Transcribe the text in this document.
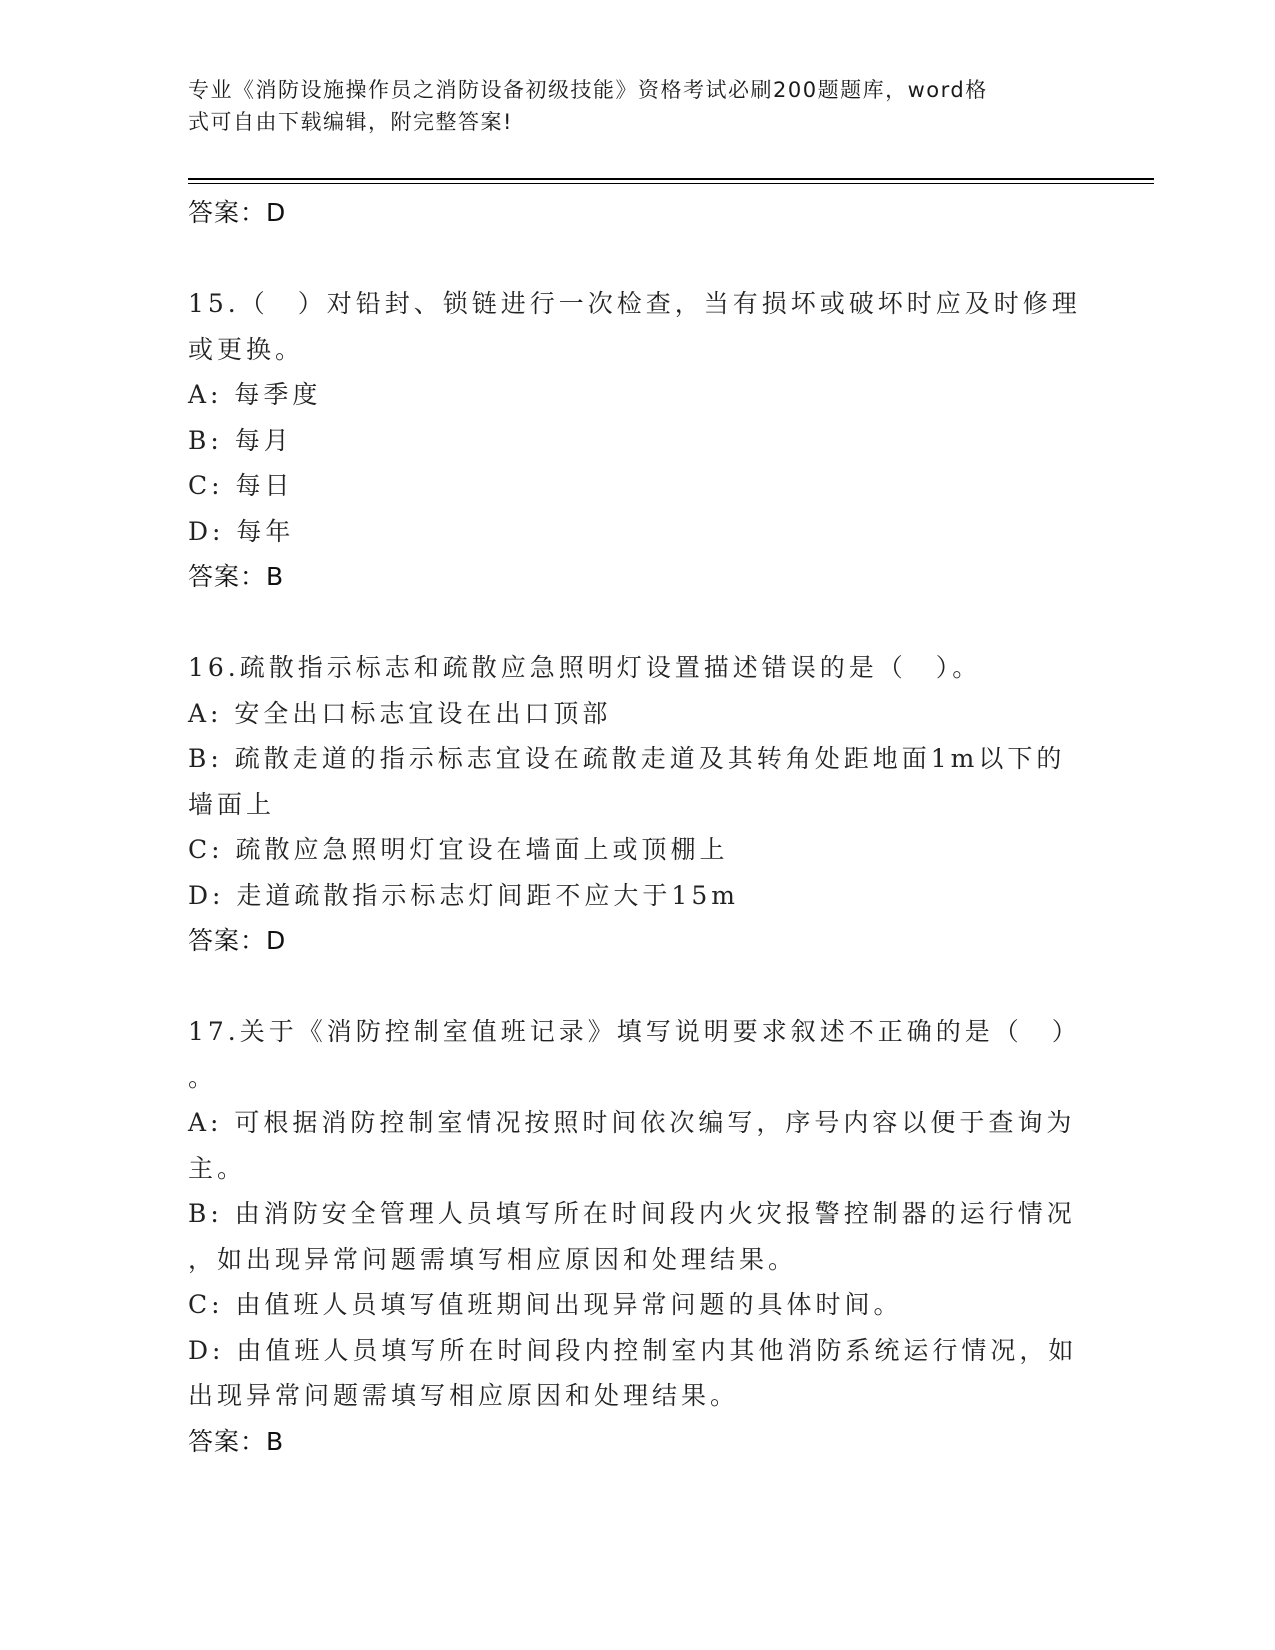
专业《消防设施操作员之消防设备初级技能》资格考试必刷200题题库，word格
式可自由下载编辑，附完整答案!
答案：D
15.（　）对铅封、锁链进行一次检查，当有损坏或破坏时应及时修理
或更换。
A: 每季度
B: 每月
C: 每日
D: 每年
答案：B
16.疏散指示标志和疏散应急照明灯设置描述错误的是（　）。
A: 安全出口标志宜设在出口顶部
B: 疏散走道的指示标志宜设在疏散走道及其转角处距地面1m以下的
墙面上
C: 疏散应急照明灯宜设在墙面上或顶棚上
D: 走道疏散指示标志灯间距不应大于15m
答案：D
17.关于《消防控制室值班记录》填写说明要求叙述不正确的是（　）
。
A: 可根据消防控制室情况按照时间依次编写，序号内容以便于查询为
主。
B: 由消防安全管理人员填写所在时间段内火灾报警控制器的运行情况
，如出现异常问题需填写相应原因和处理结果。
C: 由值班人员填写值班期间出现异常问题的具体时间。
D: 由值班人员填写所在时间段内控制室内其他消防系统运行情况，如
出现异常问题需填写相应原因和处理结果。
答案：B
